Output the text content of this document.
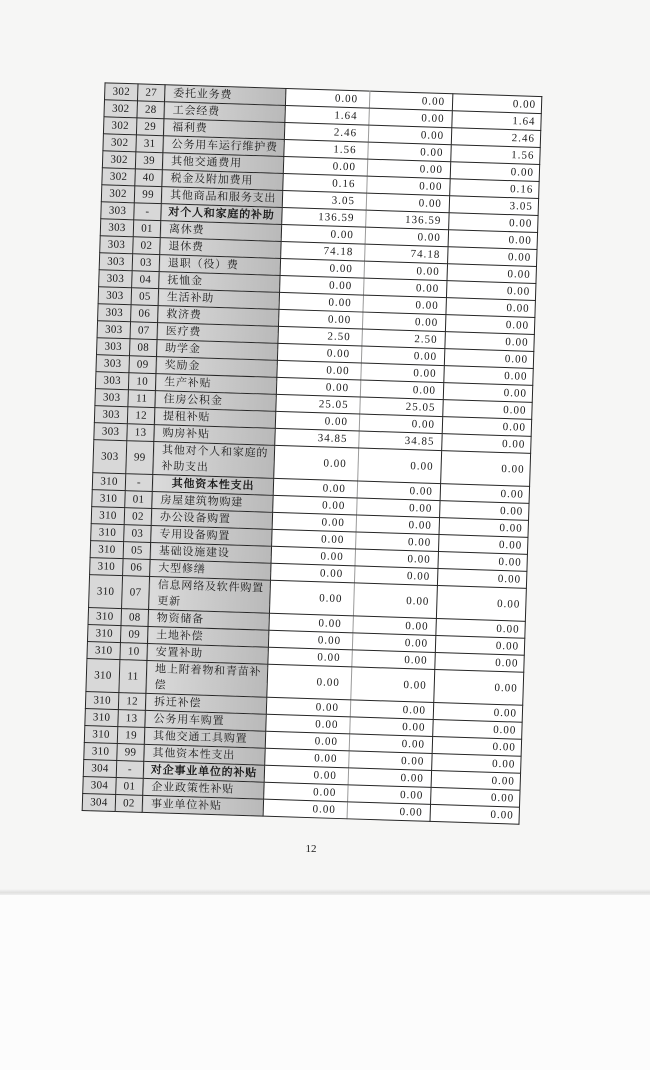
302	27	委托业务费	0.00	0.00	0.00
302	28	工会经费	1.64	0.00	1.64
302	29	福利费	2.46	0.00	2.46
302	31	公务用车运行维护费	1.56	0.00	1.56
302	39	其他交通费用	0.00	0.00	0.00
302	40	税金及附加费用	0.16	0.00	0.16
302	99	其他商品和服务支出	3.05	0.00	3.05
303	-	对个人和家庭的补助	136.59	136.59	0.00
303	01	离休费	0.00	0.00	0.00
303	02	退休费	74.18	74.18	0.00
303	03	退职（役）费	0.00	0.00	0.00
303	04	抚恤金	0.00	0.00	0.00
303	05	生活补助	0.00	0.00	0.00
303	06	救济费	0.00	0.00	0.00
303	07	医疗费	2.50	2.50	0.00
303	08	助学金	0.00	0.00	0.00
303	09	奖励金	0.00	0.00	0.00
303	10	生产补贴	0.00	0.00	0.00
303	11	住房公积金	25.05	25.05	0.00
303	12	提租补贴	0.00	0.00	0.00
303	13	购房补贴	34.85	34.85	0.00
303	99	其他对个人和家庭的补助支出	0.00	0.00	0.00
310	-	其他资本性支出	0.00	0.00	0.00
310	01	房屋建筑物购建	0.00	0.00	0.00
310	02	办公设备购置	0.00	0.00	0.00
310	03	专用设备购置	0.00	0.00	0.00
310	05	基础设施建设	0.00	0.00	0.00
310	06	大型修缮	0.00	0.00	0.00
310	07	信息网络及软件购置更新	0.00	0.00	0.00
310	08	物资储备	0.00	0.00	0.00
310	09	土地补偿	0.00	0.00	0.00
310	10	安置补助	0.00	0.00	0.00
310	11	地上附着物和青苗补偿	0.00	0.00	0.00
310	12	拆迁补偿	0.00	0.00	0.00
310	13	公务用车购置	0.00	0.00	0.00
310	19	其他交通工具购置	0.00	0.00	0.00
310	99	其他资本性支出	0.00	0.00	0.00
304	-	对企事业单位的补贴	0.00	0.00	0.00
304	01	企业政策性补贴	0.00	0.00	0.00
304	02	事业单位补贴	0.00	0.00	0.00
12
